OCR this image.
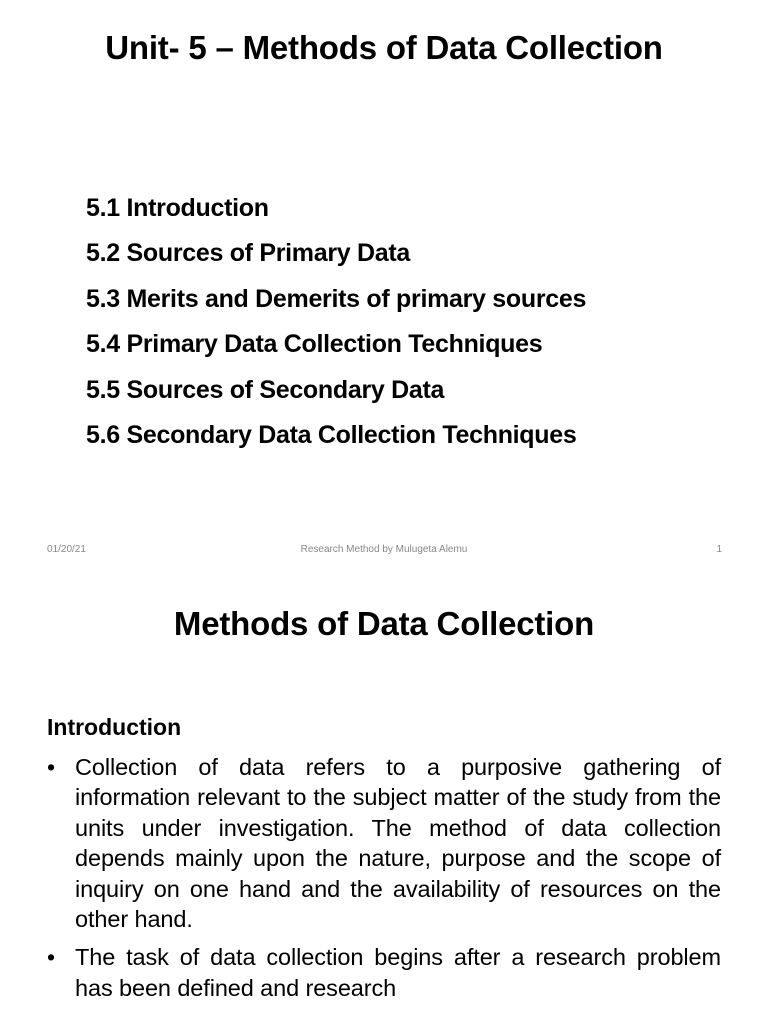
Unit- 5 – Methods of Data Collection
5.1 Introduction
5.2 Sources of Primary Data
5.3 Merits and Demerits of primary sources
5.4 Primary Data Collection Techniques
5.5 Sources of Secondary Data
5.6 Secondary Data Collection Techniques
01/20/21	Research Method by Mulugeta Alemu	1
Methods of Data Collection
Introduction
• Collection of data refers to a purposive gathering of information relevant to the subject matter of the study from the units under investigation. The method of data collection depends mainly upon the nature, purpose and the scope of inquiry on one hand and the availability of resources on the other hand.
• The task of data collection begins after a research problem has been defined and research
